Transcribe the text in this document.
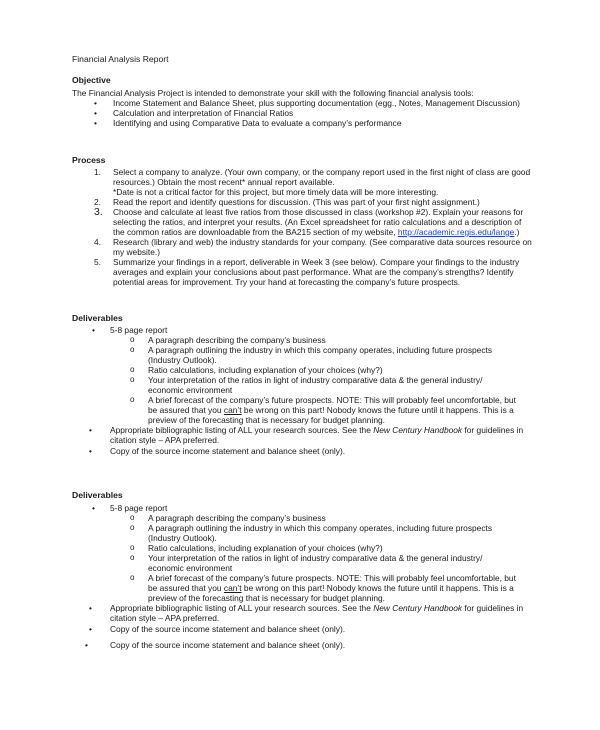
Financial Analysis Report
Objective
The Financial Analysis Project is intended to demonstrate your skill with the following financial analysis tools:
• Income Statement and Balance Sheet, plus supporting documentation (egg., Notes, Management Discussion)
• Calculation and interpretation of Financial Ratios
• Identifying and using Comparative Data to evaluate a company’s performance
Process
1. Select a company to analyze. (Your own company, or the company report used in the first night of class are good resources.) Obtain the most recent* annual report available.
*Date is not a critical factor for this project, but more timely data will be more interesting.
2. Read the report and identify questions for discussion. (This was part of your first night assignment.)
3. Choose and calculate at least five ratios from those discussed in class (workshop #2). Explain your reasons for selecting the ratios, and interpret your results. (An Excel spreadsheet for ratio calculations and a description of the common ratios are downloadable from the BA215 section of my website, http://academic.regis.edu/lange.)
4. Research (library and web) the industry standards for your company. (See comparative data sources resource on my website.)
5. Summarize your findings in a report, deliverable in Week 3 (see below). Compare your findings to the industry averages and explain your conclusions about past performance. What are the company’s strengths? Identify potential areas for improvement. Try your hand at forecasting the company’s future prospects.
Deliverables
• 5-8 page report
o A paragraph describing the company’s business
o A paragraph outlining the industry in which this company operates, including future prospects (Industry Outlook).
o Ratio calculations, including explanation of your choices (why?)
o Your interpretation of the ratios in light of industry comparative data & the general industry/ economic environment
o A brief forecast of the company’s future prospects. NOTE: This will probably feel uncomfortable, but be assured that you can’t be wrong on this part! Nobody knows the future until it happens. This is a preview of the forecasting that is necessary for budget planning.
• Appropriate bibliographic listing of ALL your research sources. See the New Century Handbook for guidelines in citation style – APA preferred.
• Copy of the source income statement and balance sheet (only).
Deliverables
• 5-8 page report
o A paragraph describing the company’s business
o A paragraph outlining the industry in which this company operates, including future prospects (Industry Outlook).
o Ratio calculations, including explanation of your choices (why?)
o Your interpretation of the ratios in light of industry comparative data & the general industry/ economic environment
o A brief forecast of the company’s future prospects. NOTE: This will probably feel uncomfortable, but be assured that you can’t be wrong on this part! Nobody knows the future until it happens. This is a preview of the forecasting that is necessary for budget planning.
• Appropriate bibliographic listing of ALL your research sources. See the New Century Handbook for guidelines in citation style – APA preferred.
• Copy of the source income statement and balance sheet (only).
•	Copy of the source income statement and balance sheet (only).
